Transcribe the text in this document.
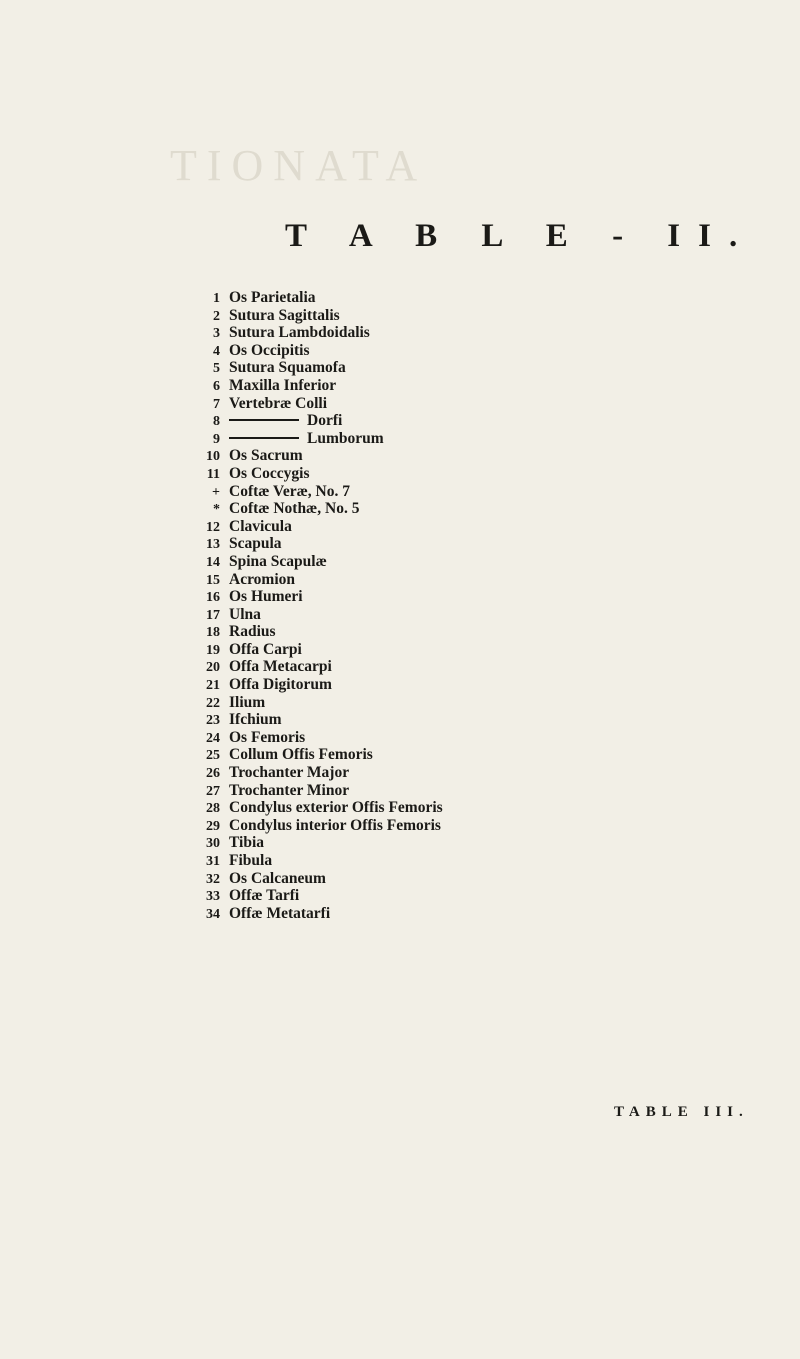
TIONATA
T A B L E - II.
1 Os Parietalia
2 Sutura Sagittalis
3 Sutura Lambdoidalis
4 Os Occipitis
5 Sutura Squamofa
6 Maxilla Inferior
7 Vertebræ Colli
8	Dorfi
9	Lumborum
10 Os Sacrum
11 Os Coccygis
+ Coftæ Veræ, No. 7
* Coftæ Nothæ, No. 5
12 Clavicula
13 Scapula
14 Spina Scapulæ
15 Acromion
16 Os Humeri
17 Ulna
18 Radius
19 Offa Carpi
20 Offa Metacarpi
21 Offa Digitorum
22 Ilium
23 Ifchium
24 Os Femoris
25 Collum Offis Femoris
26 Trochanter Major
27 Trochanter Minor
28 Condylus exterior Offis Femoris
29 Condylus interior Offis Femoris
30 Tibia
31 Fibula
32 Os Calcaneum
33 Offæ Tarfi
34 Offæ Metatarfi
TABLE III.
